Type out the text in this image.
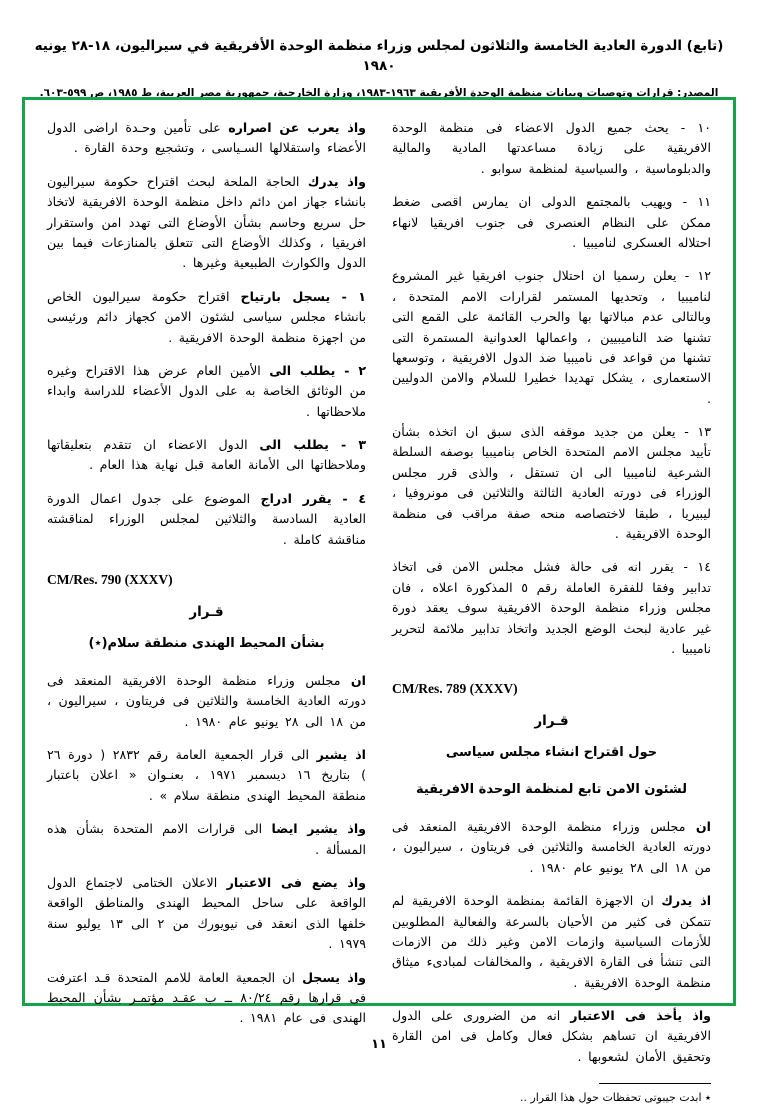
(تابع) الدورة العادية الخامسة والثلاثون لمجلس وزراء منظمة الوحدة الأفريقية في سيراليون، ١٨-٢٨ يونيه ١٩٨٠
المصدر: قرارات وتوصيات وبيانات منظمة الوحدة الأفريقية ١٩٦٣-١٩٨٣، وزارة الخارجية، جمهورية مصر العربية، ط ١٩٨٥، ص ٥٩٩-٦٠٣.

١٠ - يحث جميع الدول الاعضاء فى منظمة الوحدة الافريقية على زيادة مساعدتها المادية والمالية والدبلوماسية ، والسياسية لمنظمة سوابو .

١١ - ويهيب بالمجتمع الدولى ان يمارس اقصى ضغط ممكن على النظام العنصرى فى جنوب افريقيا لانهاء احتلاله العسكرى لناميبيا .

١٢ - يعلن رسميا ان احتلال جنوب افريقيا غير المشروع لناميبيا ، وتحديها المستمر لقرارات الامم المتحدة ، وبالتالى عدم مبالاتها بها والحرب القائمة على القمع التى تشنها ضد الناميبيين ، واعمالها العدوانية المستمرة التى تشنها من قواعد فى ناميبيا ضد الدول الافريقية ، وتوسعها الاستعمارى ، يشكل تهديدا خطيرا للسلام والامن الدوليين .

١٣ - يعلن من جديد موقفه الذى سبق ان اتخذه بشأن تأييد مجلس الامم المتحدة الخاص بناميبيا بوصفه السلطة الشرعية لناميبيا الى ان تستقل ، والذى قرر مجلس الوزراء فى دورته العادية الثالثة والثلاثين فى مونروفيا ، ليبيريا ، طبقا لاختصاصه منحه صفة مراقب فى منظمة الوحدة الافريقية .

١٤ - يقرر انه فى حالة فشل مجلس الامن فى اتخاذ تدابير وفقا للفقرة العاملة رقم ٥ المذكورة اعلاه ، فان مجلس وزراء منظمة الوحدة الافريقية سوف يعقد دورة غير عادية لبحث الوضع الجديد واتخاذ تدابير ملائمة لتحرير ناميبيا .

CM/Res. 789 (XXXV)
قـرار
حول اقتراح انشاء مجلس سياسى
لشئون الامن تابع لمنظمة الوحدة الافريقية

ان مجلس وزراء منظمة الوحدة الافريقية المنعقد فى دورته العادية الخامسة والثلاثين فى فريتاون ، سيراليون ، من ١٨ الى ٢٨ يونيو عام ١٩٨٠ .

اذ يدرك ان الاجهزة القائمة بمنظمة الوحدة الافريقية لم تتمكن فى كثير من الأحيان بالسرعة والفعالية المطلوبين للأزمات السياسية وازمات الامن وغير ذلك من الازمات التى تنشأ فى القارة الافريقية ، والمخالفات لمبادىء ميثاق منظمة الوحدة الافريقية .

واذ يأخذ فى الاعتبار انه من الضرورى على الدول الافريقية ان تساهم بشكل فعال وكامل فى امن القارة وتحقيق الأمان لشعوبها .

٭ ابدت جيبوتى تحفظات حول هذا القرار ..

واذ يعرب عن اصراره على تأمين وحـدة اراضى الدول الأعضاء واستقلالها السـياسى ، وتشجيع وحدة القارة .

واذ يدرك الحاجة الملحة لبحث اقتراح حكومة سيراليون بانشاء جهاز امن دائم داخل منظمة الوحدة الافريقية لاتخاذ حل سريع وحاسم بشأن الأوضاع التى تهدد امن واستقرار افريقيا ، وكذلك الأوضاع التى تتعلق بالمنازعات فيما بين الدول والكوارث الطبيعية وغيرها .

١ - يسجل بارتياح اقتراح حكومة سيراليون الخاص بانشاء مجلس سياسى لشئون الامن كجهاز دائم ورئيسى من اجهزة منظمة الوحدة الافريقية .

٢ - يطلب الى الأمين العام عرض هذا الاقتراح وغيره من الوثائق الخاصة به على الدول الأعضاء للدراسة وابداء ملاحظاتها .

٣ - يطلب الى الدول الاعضاء ان تتقدم بتعليقاتها وملاحظاتها الى الأمانة العامة قبل نهاية هذا العام .

٤ - يقرر ادراج الموضوع على جدول اعمال الدورة العادية السادسة والثلاثين لمجلس الوزراء لمناقشته مناقشة كاملة .

CM/Res. 790 (XXXV)
قـرار
بشأن المحيط الهندى منطقة سلام(٭)

ان مجلس وزراء منظمة الوحدة الافريقية المنعقد فى دورته العادية الخامسة والثلاثين فى فريتاون ، سيراليون ، من ١٨ الى ٢٨ يونيو عام ١٩٨٠ .

اذ يشير الى قرار الجمعية العامة رقم ٢٨٣٢ ( دورة ٢٦ ) بتاريخ ١٦ ديسمبر ١٩٧١ ، بعنـوان « اعلان باعتبار منطقة المحيط الهندى منطقة سلام » .

واذ يشير ايضا الى قرارات الامم المتحدة بشأن هذه المسألة .

واذ يضع فى الاعتبار الاعلان الختامى لاجتماع الدول الواقعة على ساحل المحيط الهندى والمناطق الواقعة خلفها الذى انعقد فى نيويورك من ٢ الى ١٣ يوليو سنة ١٩٧٩ .

واذ يسجل ان الجمعية العامة للامم المتحدة قـد اعترفت فى قرارها رقم ٨٠/٢٤ ــ ب عقـد مؤتمـر بشأن المحيط الهندى فى عام ١٩٨١ .

١١
